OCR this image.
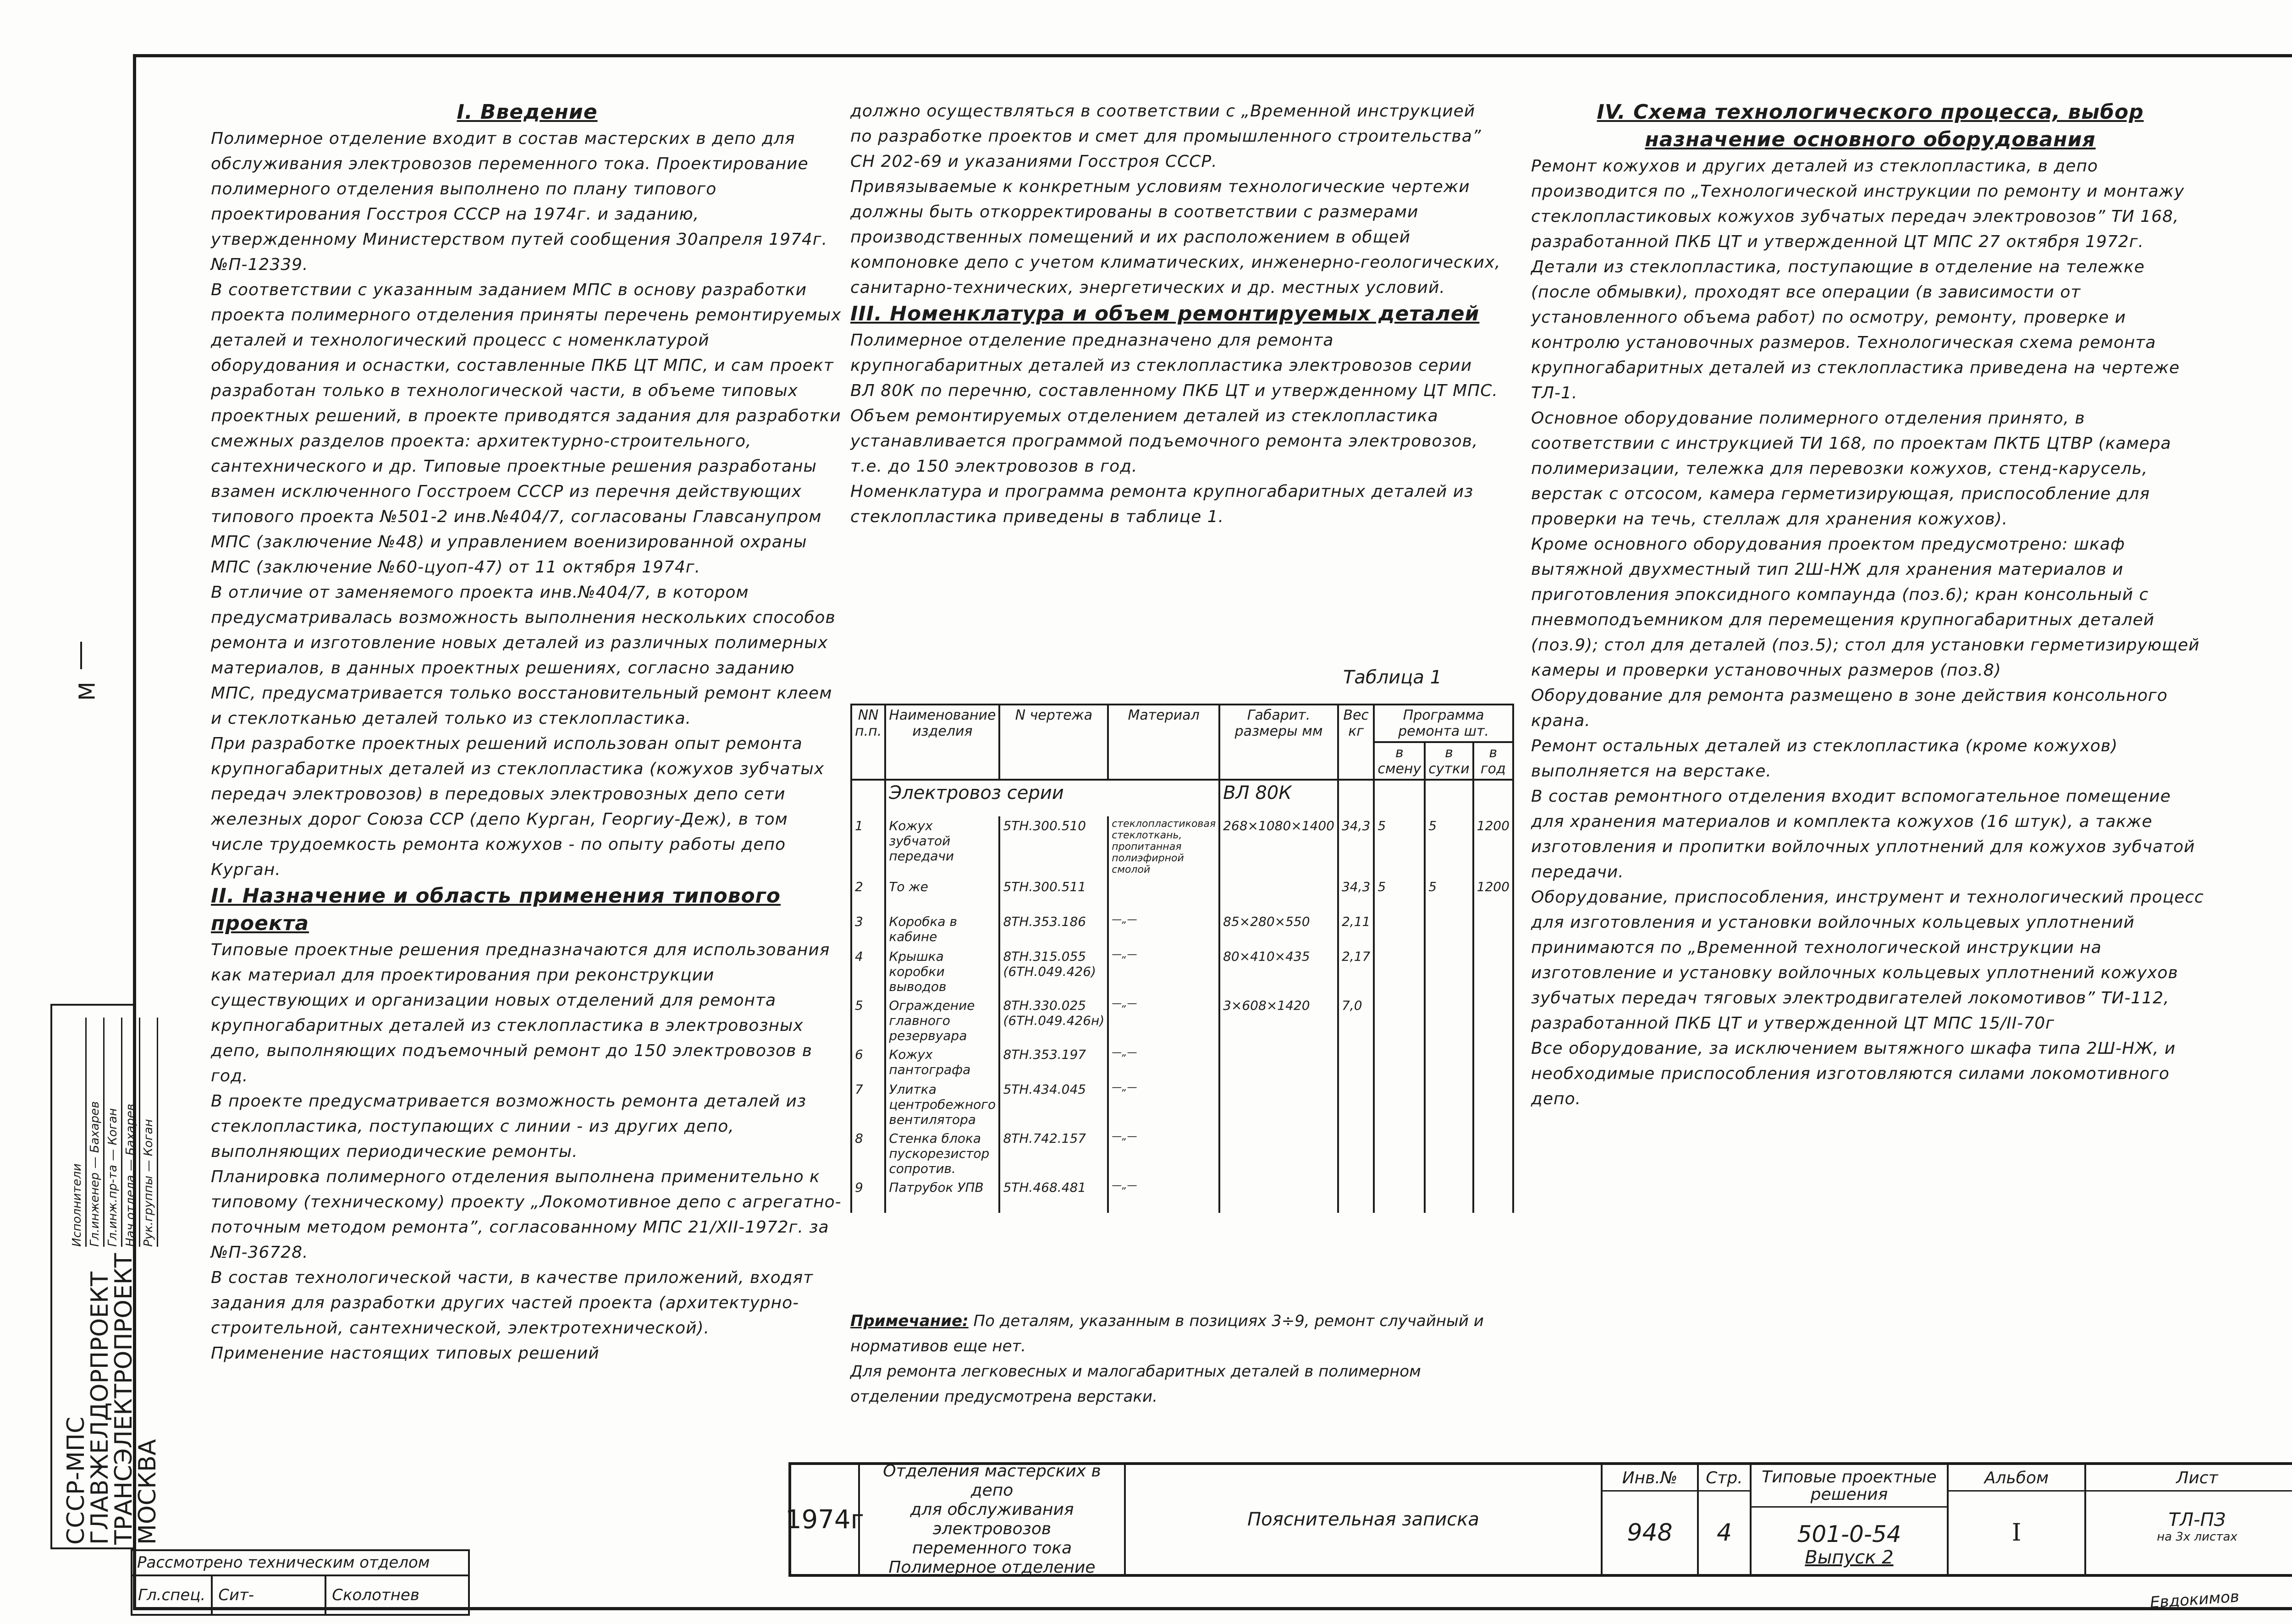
I. Введение

Полимерное отделение входит в состав мастерских в депо для обслуживания электровозов переменного тока. Проектирование полимерного отделения выполнено по плану типового проектирования Госстроя СССР на 1974г. и заданию, утвержденному Министерством путей сообщения 30апреля 1974г. №П-12339.

В соответствии с указанным заданием МПС в основу разработки проекта полимерного отделения приняты перечень ремонтируемых деталей и технологический процесс с номенклатурой оборудования и оснастки, составленные ПКБ ЦТ МПС, и сам проект разработан только в технологической части, в объеме типовых проектных решений, в проекте приводятся задания для разработки смежных разделов проекта: архитектурно-строительного, сантехнического и др. Типовые проектные решения разработаны взамен исключенного Госстроем СССР из перечня действующих типового проекта №501-2 инв.№404/7, согласованы Главсанупром МПС (заключение №48) и управлением военизированной охраны МПС (заключение №60-цуоп-47) от 11 октября 1974г.

В отличие от заменяемого проекта инв.№404/7, в котором предусматривалась возможность выполнения нескольких способов ремонта и изготовление новых деталей из различных полимерных материалов, в данных проектных решениях, согласно заданию МПС, предусматривается только восстановительный ремонт клеем и стеклотканью деталей только из стеклопластика.

При разработке проектных решений использован опыт ремонта крупногабаритных деталей из стеклопластика (кожухов зубчатых передач электровозов) в передовых электровозных депо сети железных дорог Союза ССР (депо Курган, Георгиу-Деж), в том числе трудоемкость ремонта кожухов - по опыту работы депо Курган.

II. Назначение и область применения типового проекта

Типовые проектные решения предназначаются для использования как материал для проектирования при реконструкции существующих и организации новых отделений для ремонта крупногабаритных деталей из стеклопластика в электровозных депо, выполняющих подъемочный ремонт до 150 электровозов в год.

В проекте предусматривается возможность ремонта деталей из стеклопластика, поступающих с линии - из других депо, выполняющих периодические ремонты.

Планировка полимерного отделения выполнена применительно к типовому (техническому) проекту „Локомотивное депо с агрегатно-поточным методом ремонта”, согласованному МПС 21/XII-1972г. за №П-36728.

В состав технологической части, в качестве приложений, входят задания для разработки других частей проекта (архитектурно-строительной, сантехнической, электротехнической).

Применение настоящих типовых решений

должно осуществляться в соответствии с „Временной инструкцией по разработке проектов и смет для промышленного строительства” СН 202-69 и указаниями Госстроя СССР.

Привязываемые к конкретным условиям технологические чертежи должны быть откорректированы в соответствии с размерами производственных помещений и их расположением в общей компоновке депо с учетом климатических, инженерно-геологических, санитарно-технических, энергетических и др. местных условий.

III. Номенклатура и объем ремонтируемых деталей

Полимерное отделение предназначено для ремонта крупногабаритных деталей из стеклопластика электровозов серии ВЛ 80К по перечню, составленному ПКБ ЦТ и утвержденному ЦТ МПС.

Объем ремонтируемых отделением деталей из стеклопластика устанавливается программой подъемочного ремонта электровозов, т.е. до 150 электровозов в год.

Номенклатура и программа ремонта крупногабаритных деталей из стеклопластика приведены в таблице 1.

Таблица 1
NN п.п.	Наименование изделия	N чертежа	Материал	Габарит. размеры мм	Вес кг	Программа ремонта шт.		
						в смену	в сутки	в год
	Электровоз серии			ВЛ 80К				
1	Кожух зубчатой передачи	5ТН.300.510	стеклопластиковая стеклоткань, пропитанная полиэфирной смолой	268×1080×1400	34,3	5	5	1200
2	То же	5ТН.300.511			34,3	5	5	1200
3	Коробка в кабине	8ТН.353.186	—„—	85×280×550	2,11			
4	Крышка коробки выводов	8ТН.315.055 (6ТН.049.426)	—„—	80×410×435	2,17			
5	Ограждение главного резервуара	8ТН.330.025 (6ТН.049.426н)	—„—	3×608×1420	7,0			
6	Кожух пантографа	8ТН.353.197	—„—					
7	Улитка центробежного вентилятора	5ТН.434.045	—„—					
8	Стенка блока пускорезистор сопротив.	8ТН.742.157	—„—					
9	Патрубок УПВ	5ТН.468.481	—„—					
Примечание: По деталям, указанным в позициях 3÷9, ремонт случайный и нормативов еще нет.
Для ремонта легковесных и малогабаритных деталей в полимерном отделении предусмотрена верстаки.
IV. Схема технологического процесса, выбор назначение основного оборудования

Ремонт кожухов и других деталей из стеклопластика, в депо производится по „Технологической инструкции по ремонту и монтажу стеклопластиковых кожухов зубчатых передач электровозов” ТИ 168, разработанной ПКБ ЦТ и утвержденной ЦТ МПС 27 октября 1972г.

Детали из стеклопластика, поступающие в отделение на тележке (после обмывки), проходят все операции (в зависимости от установленного объема работ) по осмотру, ремонту, проверке и контролю установочных размеров. Технологическая схема ремонта крупногабаритных деталей из стеклопластика приведена на чертеже ТЛ-1.

Основное оборудование полимерного отделения принято, в соответствии с инструкцией ТИ 168, по проектам ПКТБ ЦТВР (камера полимеризации, тележка для перевозки кожухов, стенд-карусель, верстак с отсосом, камера герметизирующая, приспособление для проверки на течь, стеллаж для хранения кожухов).

Кроме основного оборудования проектом предусмотрено: шкаф вытяжной двухместный тип 2Ш-НЖ для хранения материалов и приготовления эпоксидного компаунда (поз.6); кран консольный с пневмоподъемником для перемещения крупногабаритных деталей (поз.9); стол для деталей (поз.5); стол для установки герметизирующей камеры и проверки установочных размеров (поз.8)

Оборудование для ремонта размещено в зоне действия консольного крана.

Ремонт остальных деталей из стеклопластика (кроме кожухов) выполняется на верстаке.

В состав ремонтного отделения входит вспомогательное помещение для хранения материалов и комплекта кожухов (16 штук), а также изготовления и пропитки войлочных уплотнений для кожухов зубчатой передачи.

Оборудование, приспособления, инструмент и технологический процесс для изготовления и установки войлочных кольцевых уплотнений принимаются по „Временной технологической инструкции на изготовление и установку войлочных кольцевых уплотнений кожухов зубчатых передач тяговых электродвигателей локомотивов” ТИ-112, разработанной ПКБ ЦТ и утвержденной ЦТ МПС 15/II-70г

Все оборудование, за исключением вытяжного шкафа типа 2Ш-НЖ, и необходимые приспособления изготовляются силами локомотивного депо.

М
СССР-МПС
ГЛАВЖЕЛДОРПРОЕКТ
ТРАНСЭЛЕКТРОПРОЕКТ
МОСКВА
Исполнители Гл.инженер — Бахарев
Гл.инж.пр-та — Коган
Нач.отдела — Бахарев
Рук.группы — Коган
1974г
Отделения мастерских в депо
для обслуживания электровозов
переменного тока
Полимерное отделение
Пояснительная записка
Инв.№
948
Стр.
4
Типовые проектные решения
501-0-54
Выпуск 2
Альбом
I
Лист
ТЛ-ПЗ
на 3х листах
Рассмотрено техническим отделом
Гл.спец. Сит-	Сколотнев	Евдокимов
